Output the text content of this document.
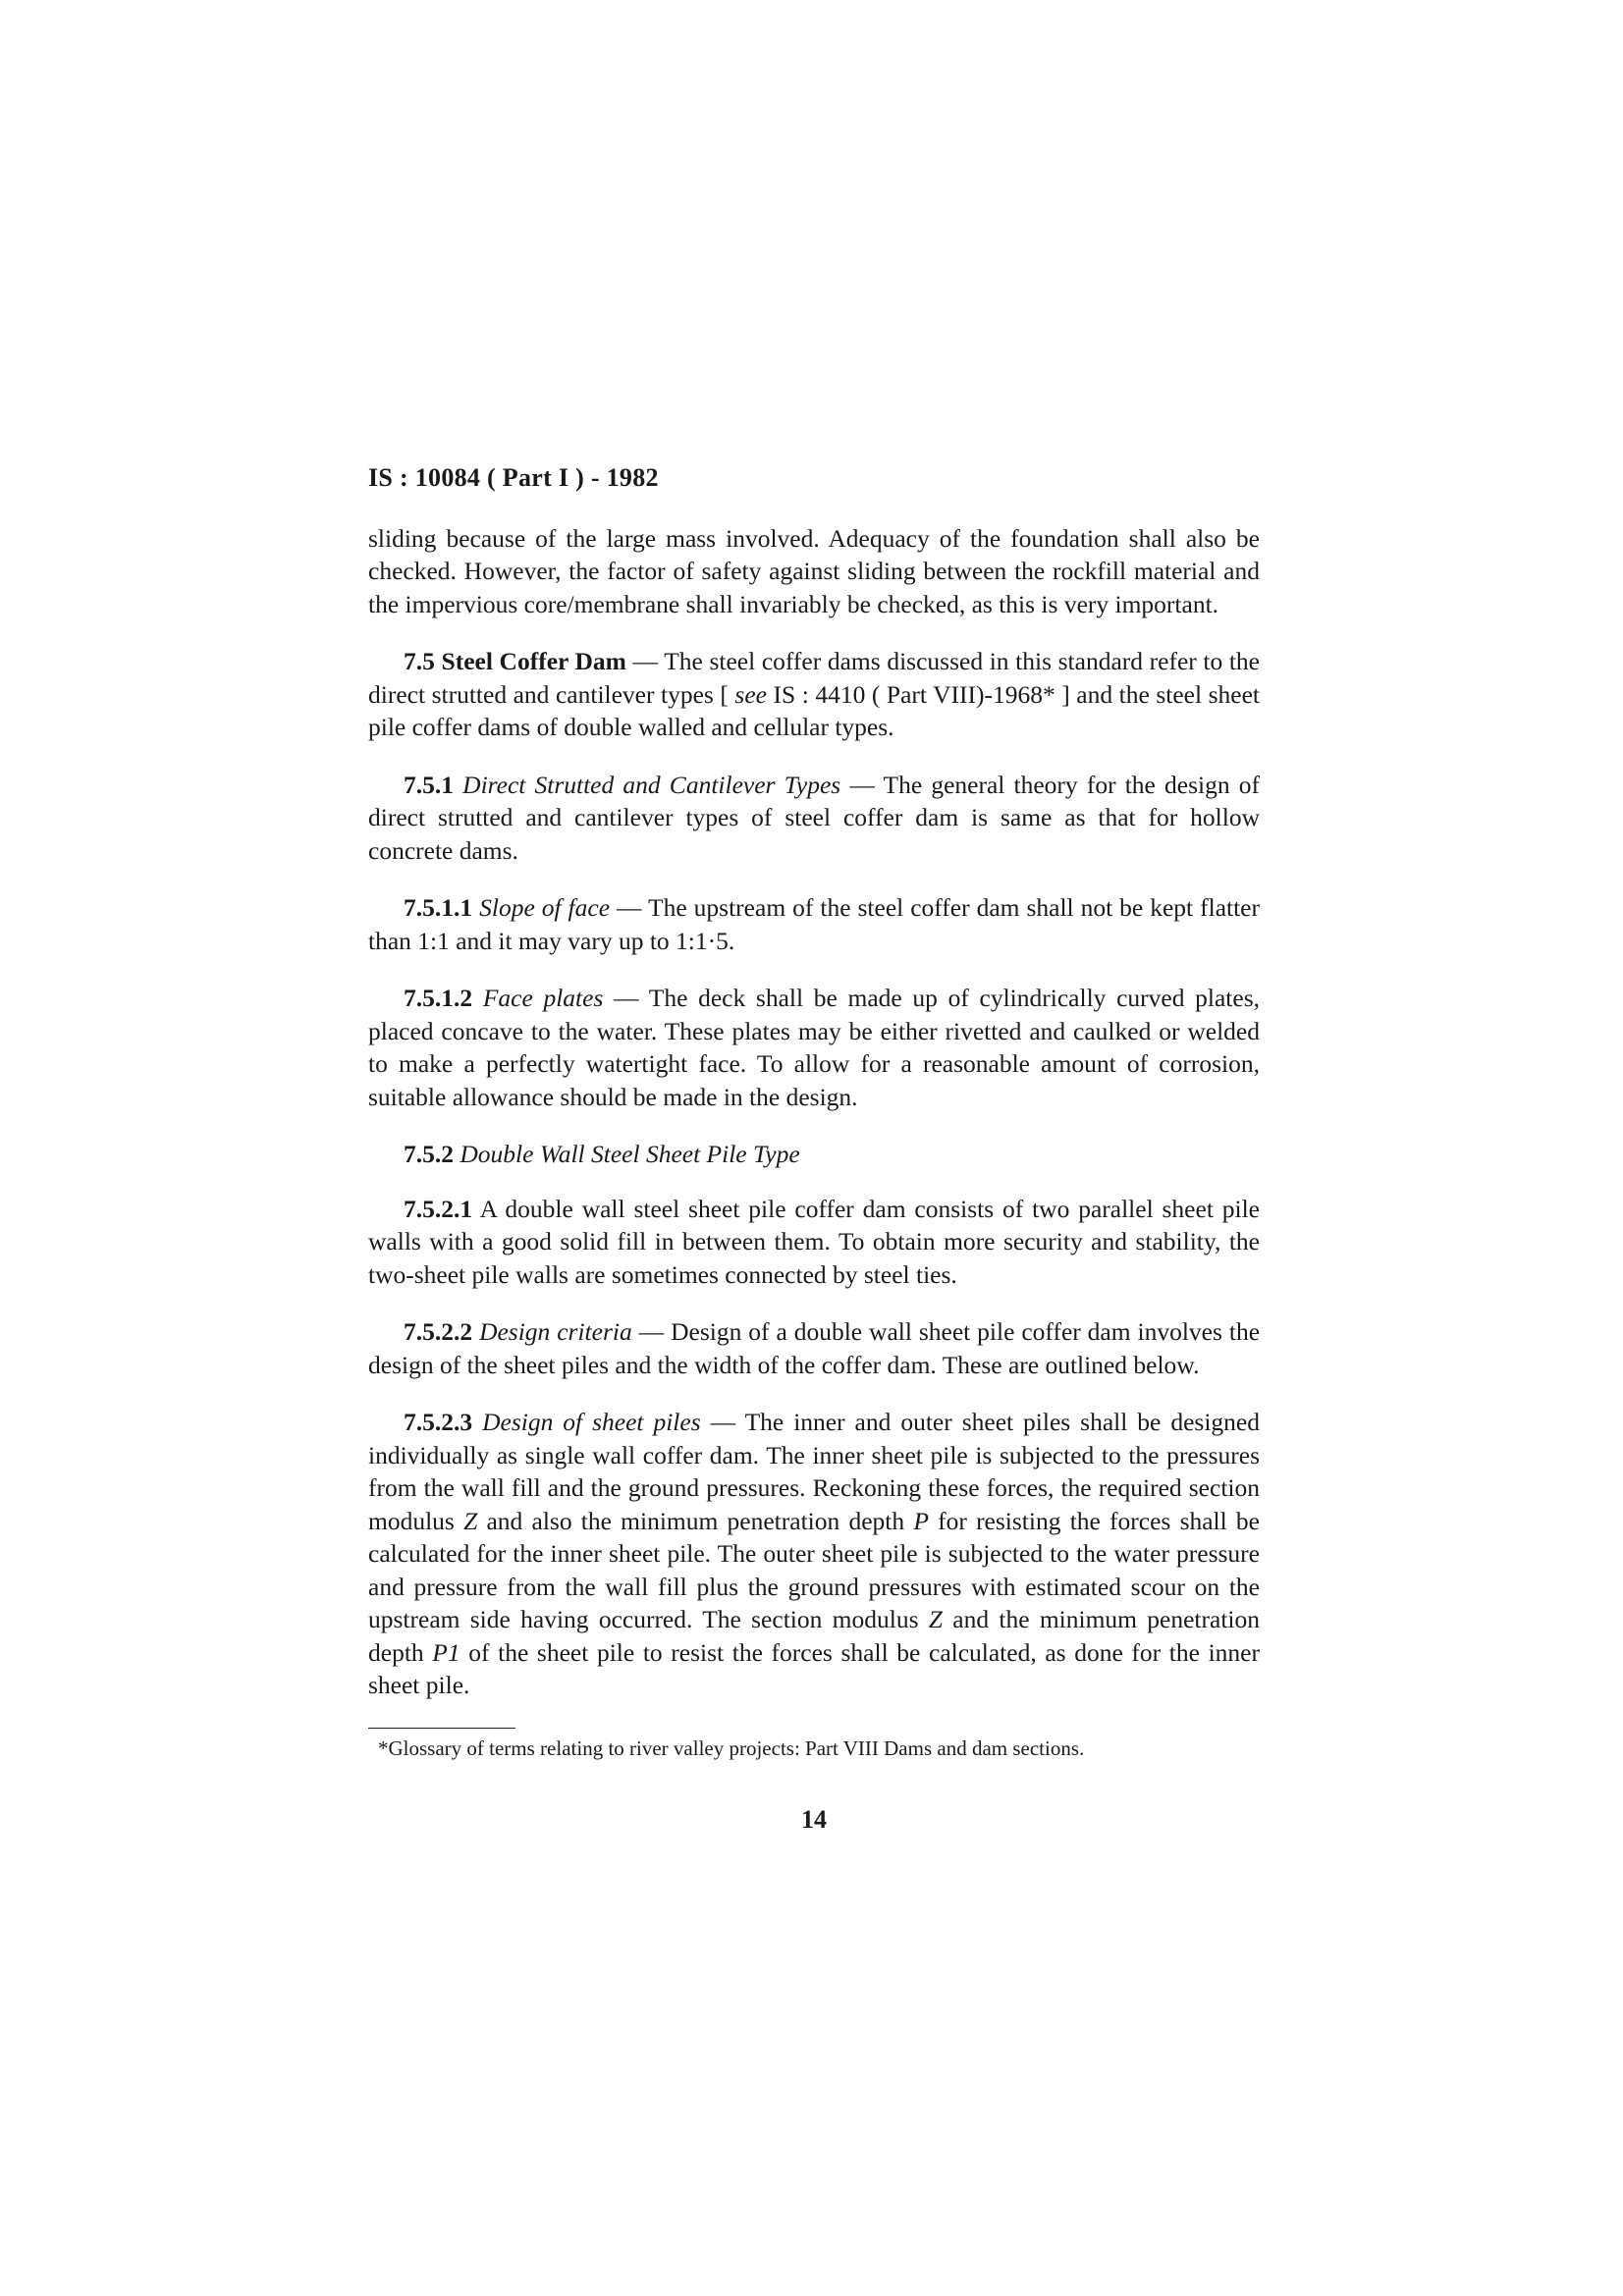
IS : 10084 ( Part I ) - 1982

sliding because of the large mass involved. Adequacy of the foundation shall also be checked. However, the factor of safety against sliding between the rockfill material and the impervious core/membrane shall invariably be checked, as this is very important.

7.5 Steel Coffer Dam — The steel coffer dams discussed in this standard refer to the direct strutted and cantilever types [ see IS : 4410 ( Part VIII)-1968* ] and the steel sheet pile coffer dams of double walled and cellular types.

7.5.1 Direct Strutted and Cantilever Types — The general theory for the design of direct strutted and cantilever types of steel coffer dam is same as that for hollow concrete dams.

7.5.1.1 Slope of face — The upstream of the steel coffer dam shall not be kept flatter than 1:1 and it may vary up to 1:1·5.

7.5.1.2 Face plates — The deck shall be made up of cylindrically curved plates, placed concave to the water. These plates may be either rivetted and caulked or welded to make a perfectly watertight face. To allow for a reasonable amount of corrosion, suitable allowance should be made in the design.

7.5.2 Double Wall Steel Sheet Pile Type

7.5.2.1 A double wall steel sheet pile coffer dam consists of two parallel sheet pile walls with a good solid fill in between them. To obtain more security and stability, the two-sheet pile walls are sometimes connected by steel ties.

7.5.2.2 Design criteria — Design of a double wall sheet pile coffer dam involves the design of the sheet piles and the width of the coffer dam. These are outlined below.

7.5.2.3 Design of sheet piles — The inner and outer sheet piles shall be designed individually as single wall coffer dam. The inner sheet pile is subjected to the pressures from the wall fill and the ground pressures. Reckoning these forces, the required section modulus Z and also the minimum penetration depth P for resisting the forces shall be calculated for the inner sheet pile. The outer sheet pile is subjected to the water pressure and pressure from the wall fill plus the ground pressures with estimated scour on the upstream side having occurred. The section modulus Z and the minimum penetration depth P1 of the sheet pile to resist the forces shall be calculated, as done for the inner sheet pile.

*Glossary of terms relating to river valley projects: Part VIII Dams and dam sections.

14
